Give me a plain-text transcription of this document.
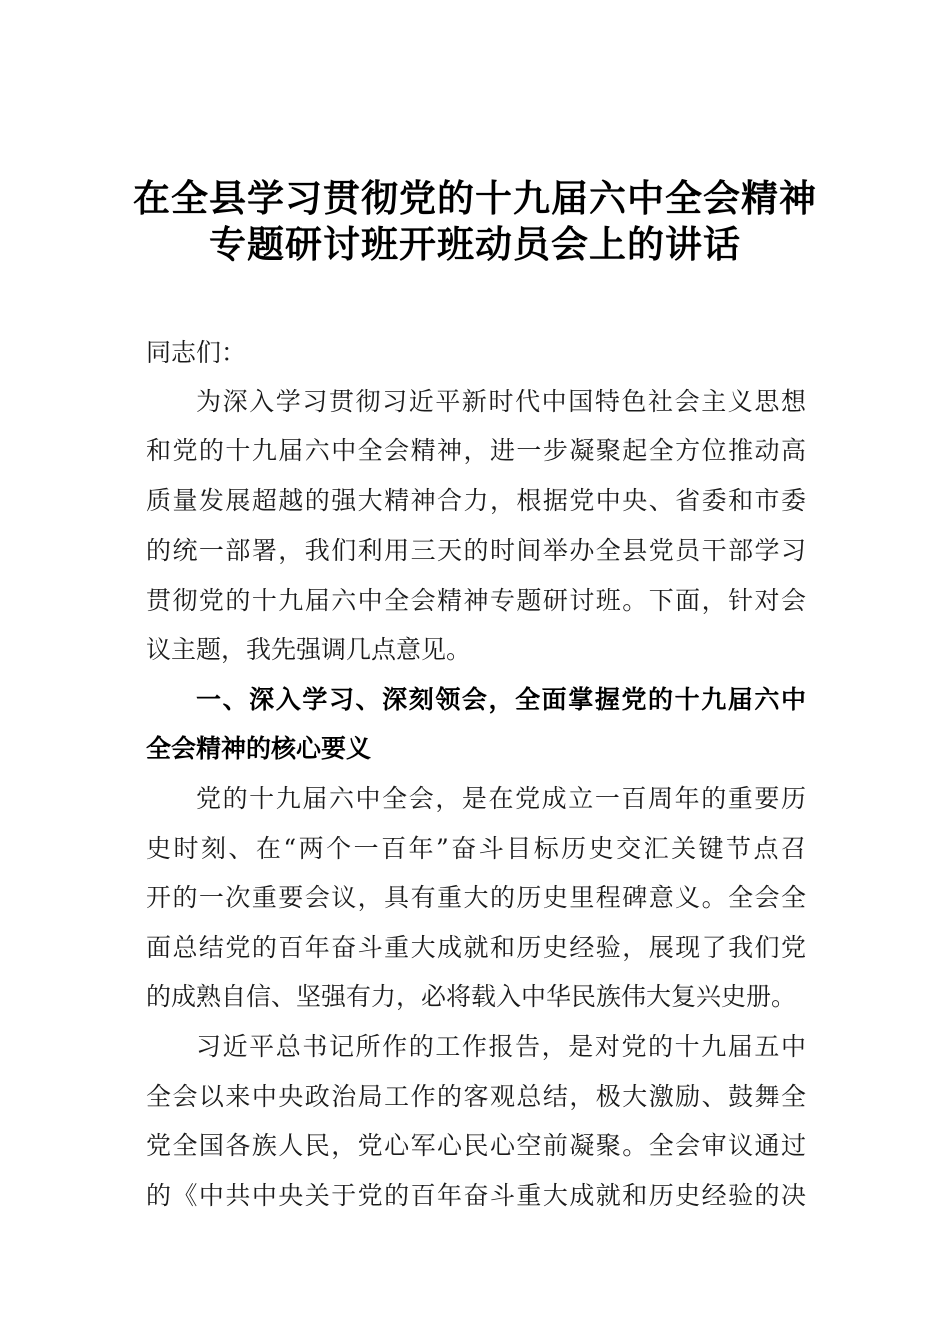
在全县学习贯彻党的十九届六中全会精神
专题研讨班开班动员会上的讲话
同志们：
为深入学习贯彻习近平新时代中国特色社会主义思想
和党的十九届六中全会精神，进一步凝聚起全方位推动高
质量发展超越的强大精神合力，根据党中央、省委和市委
的统一部署，我们利用三天的时间举办全县党员干部学习
贯彻党的十九届六中全会精神专题研讨班。下面，针对会
议主题，我先强调几点意见。
一、深入学习、深刻领会，全面掌握党的十九届六中
全会精神的核心要义
党的十九届六中全会，是在党成立一百周年的重要历
史时刻、在“两个一百年”奋斗目标历史交汇关键节点召
开的一次重要会议，具有重大的历史里程碑意义。全会全
面总结党的百年奋斗重大成就和历史经验，展现了我们党
的成熟自信、坚强有力，必将载入中华民族伟大复兴史册。
习近平总书记所作的工作报告，是对党的十九届五中
全会以来中央政治局工作的客观总结，极大激励、鼓舞全
党全国各族人民，党心军心民心空前凝聚。全会审议通过
的《中共中央关于党的百年奋斗重大成就和历史经验的决
